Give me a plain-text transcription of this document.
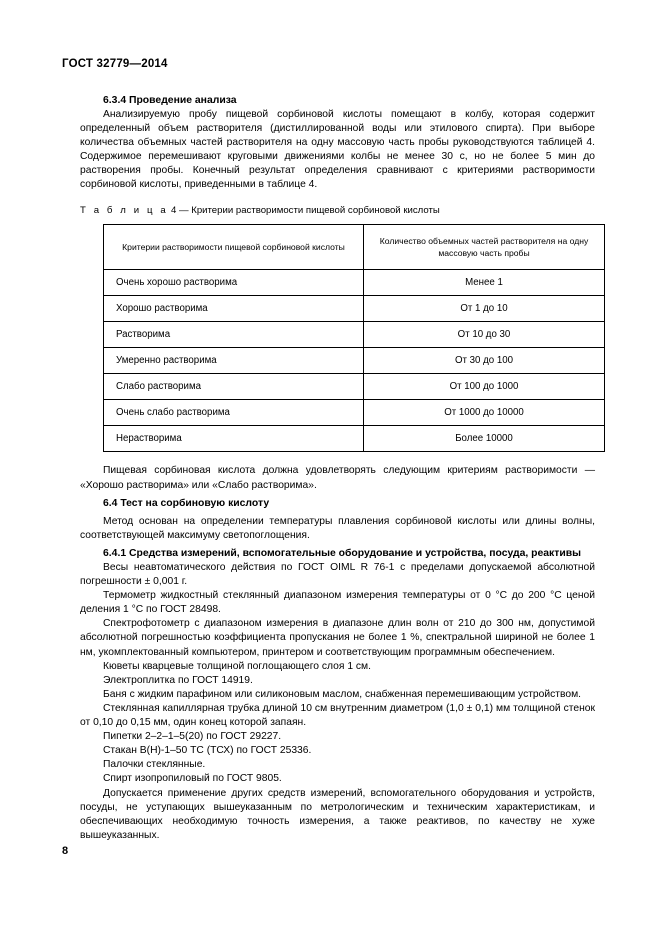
ГОСТ 32779—2014
6.3.4 Проведение анализа

Анализируемую пробу пищевой сорбиновой кислоты помещают в колбу, которая содержит определенный объем растворителя (дистиллированной воды или этилового спирта). При выборе количества объемных частей растворителя на одну массовую часть пробы руководствуются таблицей 4. Содержимое перемешивают круговыми движениями колбы не менее 30 с, но не более 5 мин до растворения пробы. Конечный результат определения сравнивают с критериями растворимости сорбиновой кислоты, приведенными в таблице 4.

Т а б л и ц а 4 — Критерии растворимости пищевой сорбиновой кислоты
Критерии растворимости пищевой сорбиновой кислоты	Количество объемных частей растворителя на одну массовую часть пробы
Очень хорошо растворима	Менее 1
Хорошо растворима	От 1 до 10
Растворима	От 10 до 30
Умеренно растворима	От 30 до 100
Слабо растворима	От 100 до 1000
Очень слабо растворима	От 1000 до 10000
Нерастворима	Более 10000

Пищевая сорбиновая кислота должна удовлетворять следующим критериям растворимости — «Хорошо растворима» или «Слабо растворима».

6.4 Тест на сорбиновую кислоту

Метод основан на определении температуры плавления сорбиновой кислоты или длины волны, соответствующей максимуму светопоглощения.

6.4.1 Средства измерений, вспомогательные оборудование и устройства, посуда, реактивы

Весы неавтоматического действия по ГОСТ OIML R 76-1 с пределами допускаемой абсолютной погрешности ± 0,001 г.

Термометр жидкостный стеклянный диапазоном измерения температуры от 0 °С до 200 °С ценой деления 1 °С по ГОСТ 28498.

Спектрофотометр с диапазоном измерения в диапазоне длин волн от 210 до 300 нм, допустимой абсолютной погрешностью коэффициента пропускания не более 1 %, спектральной шириной не более 1 нм, укомплектованный компьютером, принтером и соответствующим программным обеспечением.

Кюветы кварцевые толщиной поглощающего слоя 1 см.

Электроплитка по ГОСТ 14919.

Баня с жидким парафином или силиконовым маслом, снабженная перемешивающим устройством.

Стеклянная капиллярная трубка длиной 10 см внутренним диаметром (1,0 ± 0,1) мм толщиной стенок от 0,10 до 0,15 мм, один конец которой запаян.

Пипетки 2–2–1–5(20) по ГОСТ 29227.

Стакан В(Н)-1–50 ТС (ТСХ) по ГОСТ 25336.

Палочки стеклянные.

Спирт изопропиловый по ГОСТ 9805.

Допускается применение других средств измерений, вспомогательного оборудования и устройств, посуды, не уступающих вышеуказанным по метрологическим и техническим характеристикам, и обеспечивающих необходимую точность измерения, а также реактивов, по качеству не хуже вышеуказанных.

8
